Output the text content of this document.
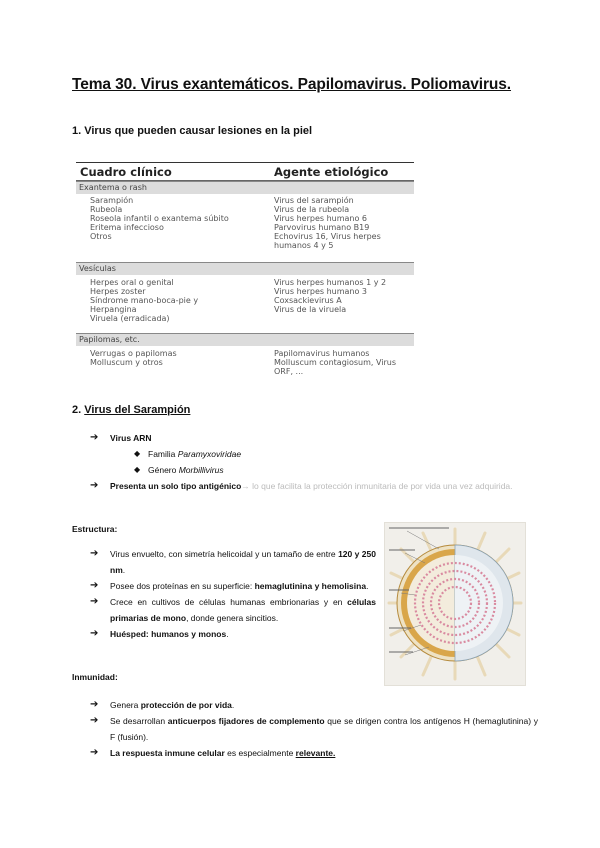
Tema 30. Virus exantemáticos. Papilomavirus. Poliomavirus.
1. Virus que pueden causar lesiones en la piel
Cuadro clínico	Agente etiológico
Exantema o rash
Sarampión
Rubeola
Roseola infantil o exantema súbito
Eritema infeccioso
Otros
Virus del sarampión
Virus de la rubeola
Virus herpes humano 6
Parvovirus humano B19
Echovirus 16, Virus herpes
humanos 4 y 5
Vesículas
Herpes oral o genital
Herpes zoster
Síndrome mano-boca-pie y
Herpangina
Viruela (erradicada)
Virus herpes humanos 1 y 2
Virus herpes humano 3
Coxsackievirus A
Virus de la viruela
Papilomas, etc.
Verrugas o papilomas
Molluscum y otros
Papilomavirus humanos
Molluscum contagiosum, Virus
ORF, ...
2. Virus del Sarampión
➔ Virus ARN
◆ Familia Paramyxoviridae
◆ Género Morbillivirus
➔ Presenta un solo tipo antigénico→ lo que facilita la protección inmunitaria de por vida una vez adquirida.
Estructura:
➔ Virus envuelto, con simetría helicoidal y un tamaño de entre 120 y 250 nm.
➔ Posee dos proteínas en su superficie: hemaglutinina y hemolisina.
➔ Crece en cultivos de células humanas embrionarias y en células primarias de mono, donde genera sincitios.
➔ Huésped: humanos y monos.
Inmunidad:
➔ Genera protección de por vida.
➔ Se desarrollan anticuerpos fijadores de complemento que se dirigen contra los antígenos H (hemaglutinina) y F (fusión).
➔ La respuesta inmune celular es especialmente relevante.
